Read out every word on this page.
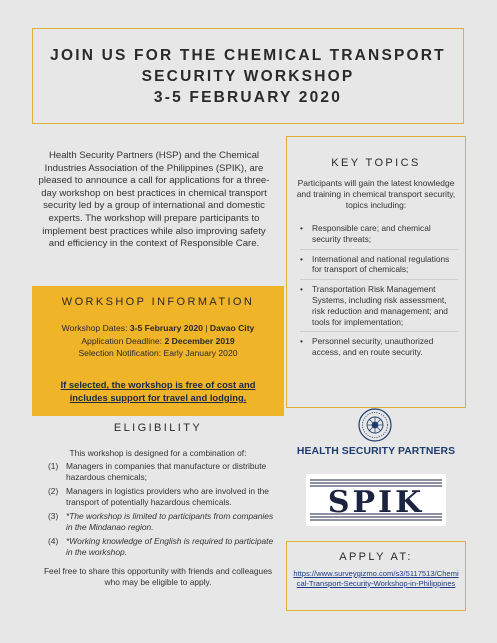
JOIN US FOR THE CHEMICAL TRANSPORT
SECURITY WORKSHOP
3-5 FEBRUARY 2020
Health Security Partners (HSP) and the Chemical Industries Association of the Philippines (SPIK), are pleased to announce a call for applications for a three-day workshop on best practices in chemical transport security led by a group of international and domestic experts. The workshop will prepare participants to implement best practices while also improving safety and efficiency in the context of Responsible Care.
WORKSHOP INFORMATION
Workshop Dates: 3-5 February 2020 | Davao City
Application Deadline: 2 December 2019
Selection Notification: Early January 2020
If selected, the workshop is free of cost and
includes support for travel and lodging.
ELIGIBILITY
This workshop is designed for a combination of:
(1) Managers in companies that manufacture or distribute hazardous chemicals;
(2) Managers in logistics providers who are involved in the transport of potentially hazardous chemicals.
(3) *The workshop is limited to participants from companies in the Mindanao region.
(4) *Working knowledge of English is required to participate in the workshop.
Feel free to share this opportunity with friends and colleagues who may be eligible to apply.
KEY TOPICS
Participants will gain the latest knowledge and training in chemical transport security, topics including:
• Responsible care; and chemical security threats;
• International and national regulations for transport of chemicals;
• Transportation Risk Management Systems, including risk assessment, risk reduction and management; and tools for implementation;
• Personnel security, unauthorized access, and en route security.
HEALTH SECURITY PARTNERS
SPIK
APPLY AT:
https://www.surveygizmo.com/s3/5117513/Chemical-Transport-Security-Workshop-in-Philippines
